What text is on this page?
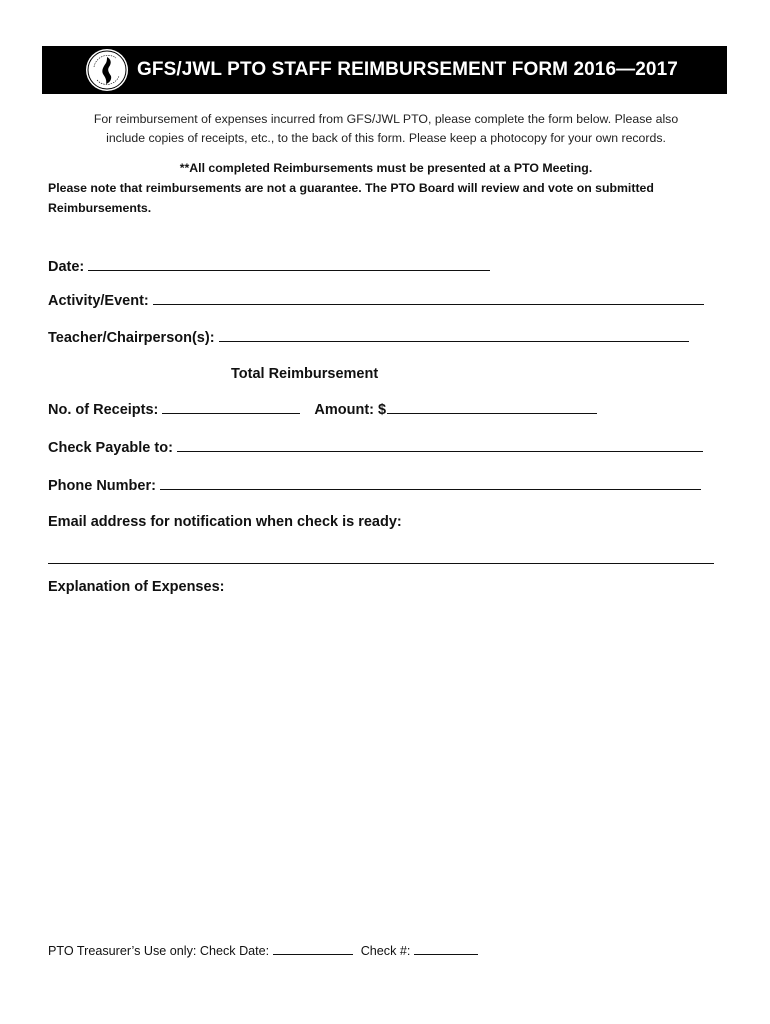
GFS/JWL PTO STAFF REIMBURSEMENT FORM 2016—2017
For reimbursement of expenses incurred from GFS/JWL PTO, please complete the form below. Please also
include copies of receipts, etc., to the back of this form. Please keep a photocopy for your own records.
**All completed Reimbursements must be presented at a PTO Meeting.
Please note that reimbursements are not a guarantee. The PTO Board will review and vote on submitted
Reimbursements.
Date:
Activity/Event:
Teacher/Chairperson(s):
Total Reimbursement
No. of Receipts:	Amount: $
Check Payable to:
Phone Number:
Email address for notification when check is ready:
Explanation of Expenses:
PTO Treasurer’s Use only: Check Date:	Check #:
